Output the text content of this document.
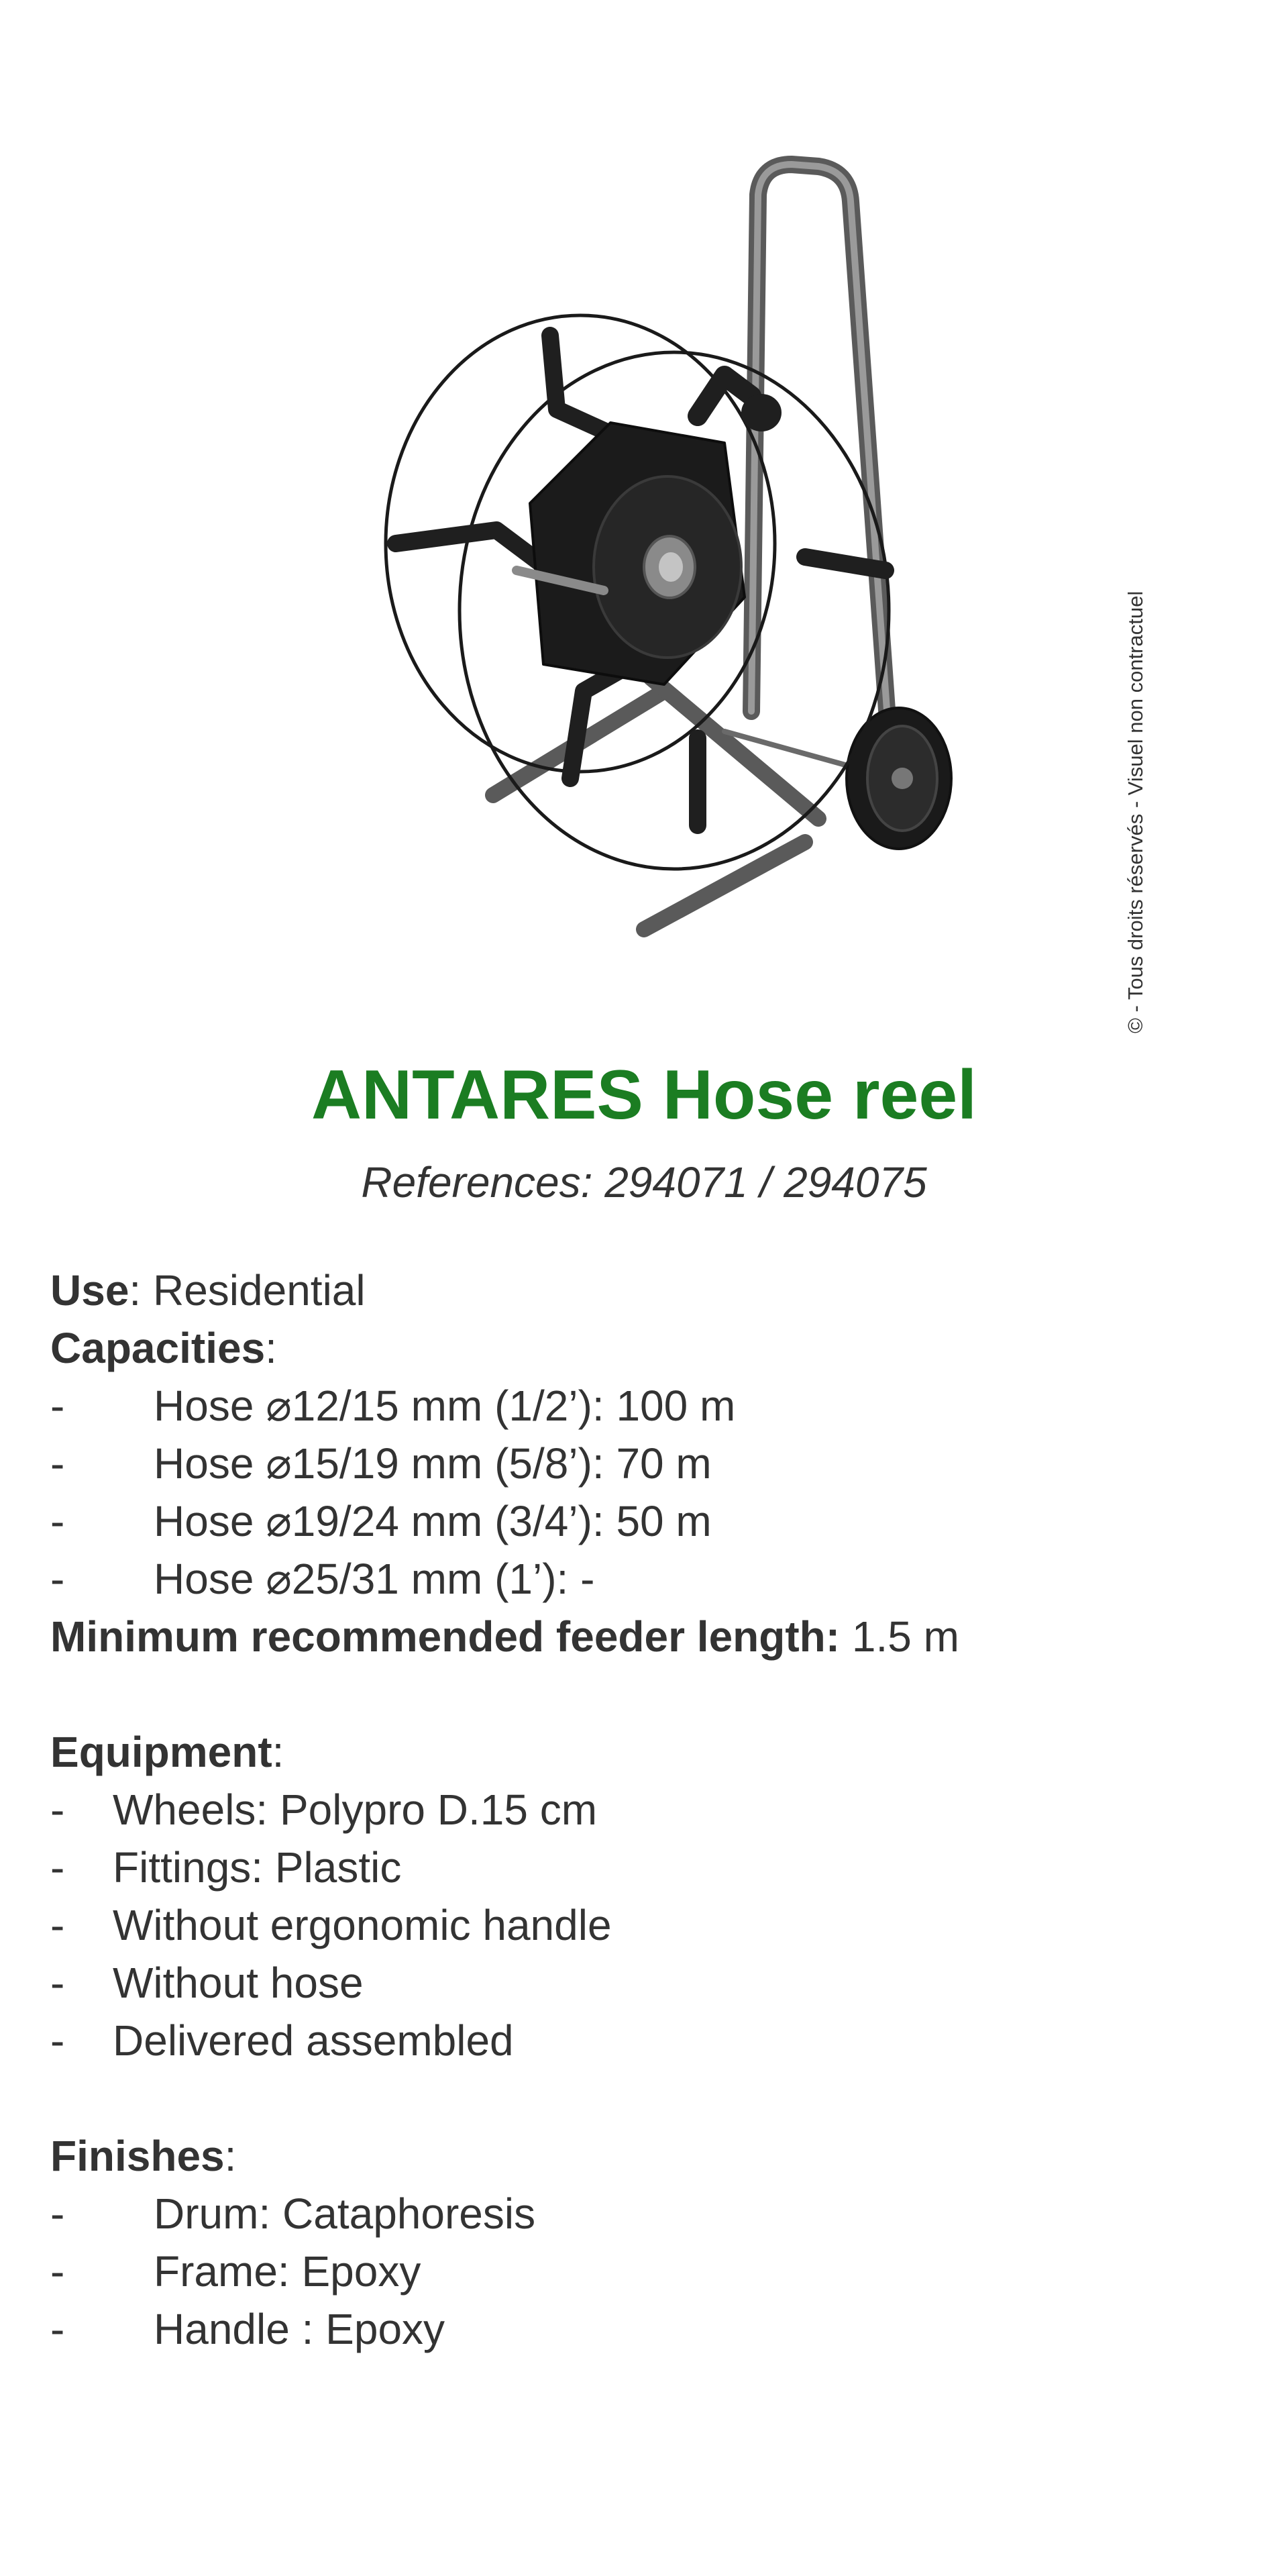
© - Tous droits réservés - Visuel non contractuel
ANTARES Hose reel
References: 294071 / 294075
Use: Residential
Capacities:
- Hose ⌀12/15 mm (1/2’): 100 m
- Hose ⌀15/19 mm (5/8’): 70 m
- Hose ⌀19/24 mm (3/4’): 50 m
- Hose ⌀25/31 mm (1’): -
Minimum recommended feeder length: 1.5 m
Equipment:
- Wheels: Polypro D.15 cm
- Fittings: Plastic
- Without ergonomic handle
- Without hose
- Delivered assembled
Finishes:
- Drum: Cataphoresis
- Frame: Epoxy
- Handle : Epoxy
